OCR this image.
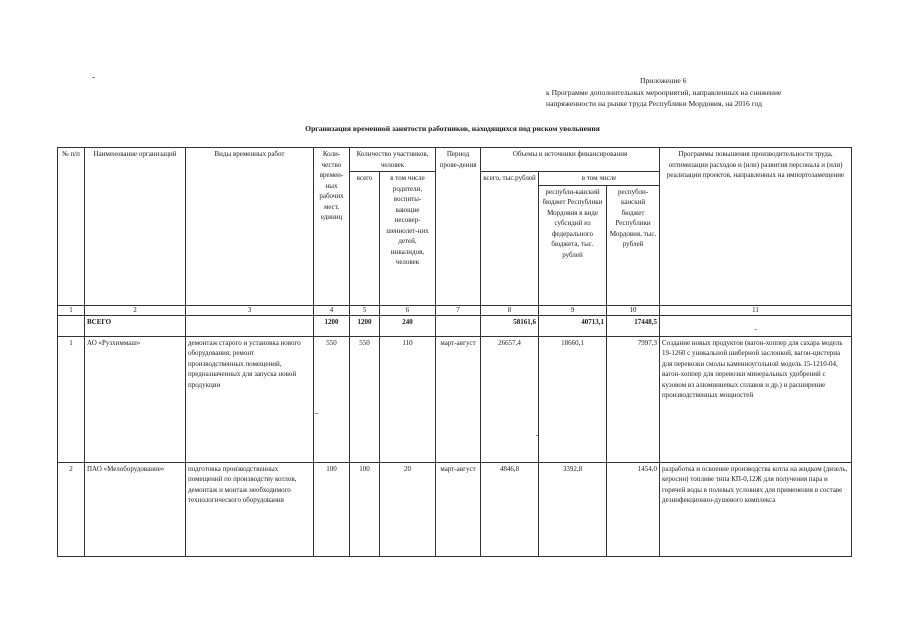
Приложение 6
к Программе дополнительных мероприятий, направленных на снижение
напряженности на рынке труда Республики Мордовия, на 2016 год
Организация временной занятости работников, находящихся под риском увольнения
№ п/п	Наименование организаций	Виды временных работ	Коли-чество времен-ных рабочих мест, единиц	Количество участников, человек		Период прове-дения	Объемы и источники финансирования			Программы повышения производительности труда, оптимизации расходов и (или) развития персонала и (или) реализации проектов, направленных на импортозамещение
				всего	в том числе родители, воспиты-вающие несовер-шеннолет-них детей, инвалидов, человек		всего, тыс.рублей	в том числе		
								республи-канский бюджет Республики Мордовия в виде субсидий из федерального бюджета, тыс. рублей	республи-канский бюджет Республики Мордовия, тыс. рублей	
1	2	3	4	5	6	7	8	9	10	11
	ВСЕГО		1200	1200	240		58161,6	40713,1	17448,5	-
1	АО «Рузхиммаш»	демонтаж старого и установка нового оборудования; ремонт производственных помещений, предназначенных для запуска новой продукции	550	550	110	март-август	26657,4	18660,1	7997,3	Создание новых продуктов (вагон-хоппер для сахара модель 19-1260 с уникальной шиберной заслонкой, вагон-цистерна для перевозки смолы каменноугольной модель 15-1210-04, вагон-хоппер для перевозки минеральных удобрений с кузовом из алюминиевых сплавов и др.) и расширение производственных мощностей
2	ПАО «Мелоборудование»	подготовка производственных помещений по производству котлов, демонтаж и монтаж необходимого технологического оборудования	100	100	20	март-август	4846,8	3392,8	1454,0	разработка и освоение производства котла на жидком (дизель, керосин) топливе типа КП-0,12Ж для получения пара и горячей воды в полевых условиях для применения в составе дезинфекционно-душевого комплекса
